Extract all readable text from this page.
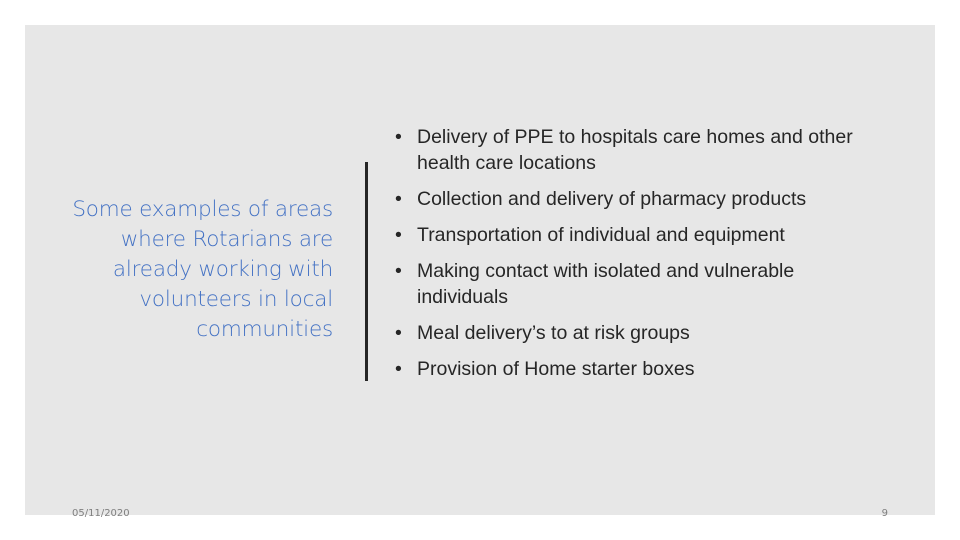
Some examples of areas where Rotarians are already working with volunteers in local communities
• Delivery of PPE to hospitals care homes and other health care locations
• Collection and delivery of pharmacy products
• Transportation of individual and equipment
• Making contact with isolated and vulnerable individuals
• Meal delivery’s to at risk groups
• Provision of Home starter boxes
05/11/2020	9
